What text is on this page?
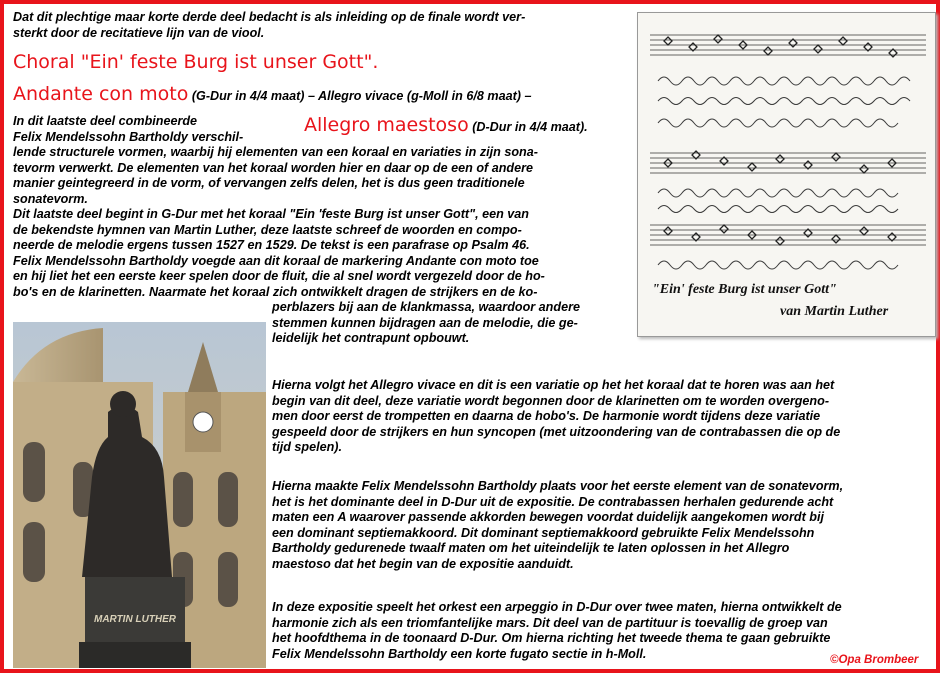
Dat dit plechtige maar korte derde deel bedacht is als inleiding op de finale wordt ver-
sterkt door de recitatieve lijn van de viool.
Choral "Ein' feste Burg ist unser Gott".
Andante con moto (G-Dur in 4/4 maat) – Allegro vivace (g-Moll in 6/8 maat) –
Allegro maestoso (D-Dur in 4/4 maat).
In dit laatste deel combineerde
Felix Mendelssohn Bartholdy verschil-
lende structurele vormen, waarbij hij elementen van een koraal en variaties in zijn sona-
tevorm verwerkt. De elementen van het koraal worden hier en daar op de een of andere
manier geintegreerd in de vorm, of vervangen zelfs delen, het is dus geen traditionele
sonatevorm.
Dit laatste deel begint in G-Dur met het koraal "Ein 'feste Burg ist unser Gott", een van
de bekendste hymnen van Martin Luther, deze laatste schreef de woorden en compo-
neerde de melodie ergens tussen 1527 en 1529. De tekst is een parafrase op Psalm 46.
Felix Mendelssohn Bartholdy voegde aan dit koraal de markering Andante con moto toe
en hij liet het een eerste keer spelen door de fluit, die al snel wordt vergezeld door de ho-
bo's en de klarinetten. Naarmate het koraal zich ontwikkelt dragen de strijkers en de ko-
perblazers bij aan de klankmassa, waardoor andere
stemmen kunnen bijdragen aan de melodie, die ge-
leidelijk het contrapunt opbouwt.
Hierna volgt het Allegro vivace en dit is een variatie op het het koraal dat te horen was aan het
begin van dit deel, deze variatie wordt begonnen door de klarinetten om te worden overgeno-
men door eerst de trompetten en daarna de hobo's. De harmonie wordt tijdens deze variatie
gespeeld door de strijkers en hun syncopen (met uitzoondering van de contrabassen die op de
tijd spelen).
Hierna maakte Felix Mendelssohn Bartholdy plaats voor het eerste element van de sonatevorm,
het is het dominante deel in D-Dur uit de expositie. De contrabassen herhalen gedurende acht
maten een A waarover passende akkorden bewegen voordat duidelijk aangekomen wordt bij
een dominant septiemakkoord. Dit dominant septiemakkoord gebruikte Felix Mendelssohn
Bartholdy gedurenede twaalf maten om het uiteindelijk te laten oplossen in het Allegro
maestoso dat het begin van de expositie aanduidt.
In deze expositie speelt het orkest een arpeggio in D-Dur over twee maten, hierna ontwikkelt de
harmonie zich als een triomfantelijke mars. Dit deel van de partituur is toevallig de groep van
het hoofdthema in de toonaard D-Dur. Om hierna richting het tweede thema te gaan gebruikte
Felix Mendelssohn Bartholdy een korte fugato sectie in h-Moll.	©Opa Brombeer
"Ein' feste Burg ist unser Gott"
van Martin Luther
MARTIN LUTHER
